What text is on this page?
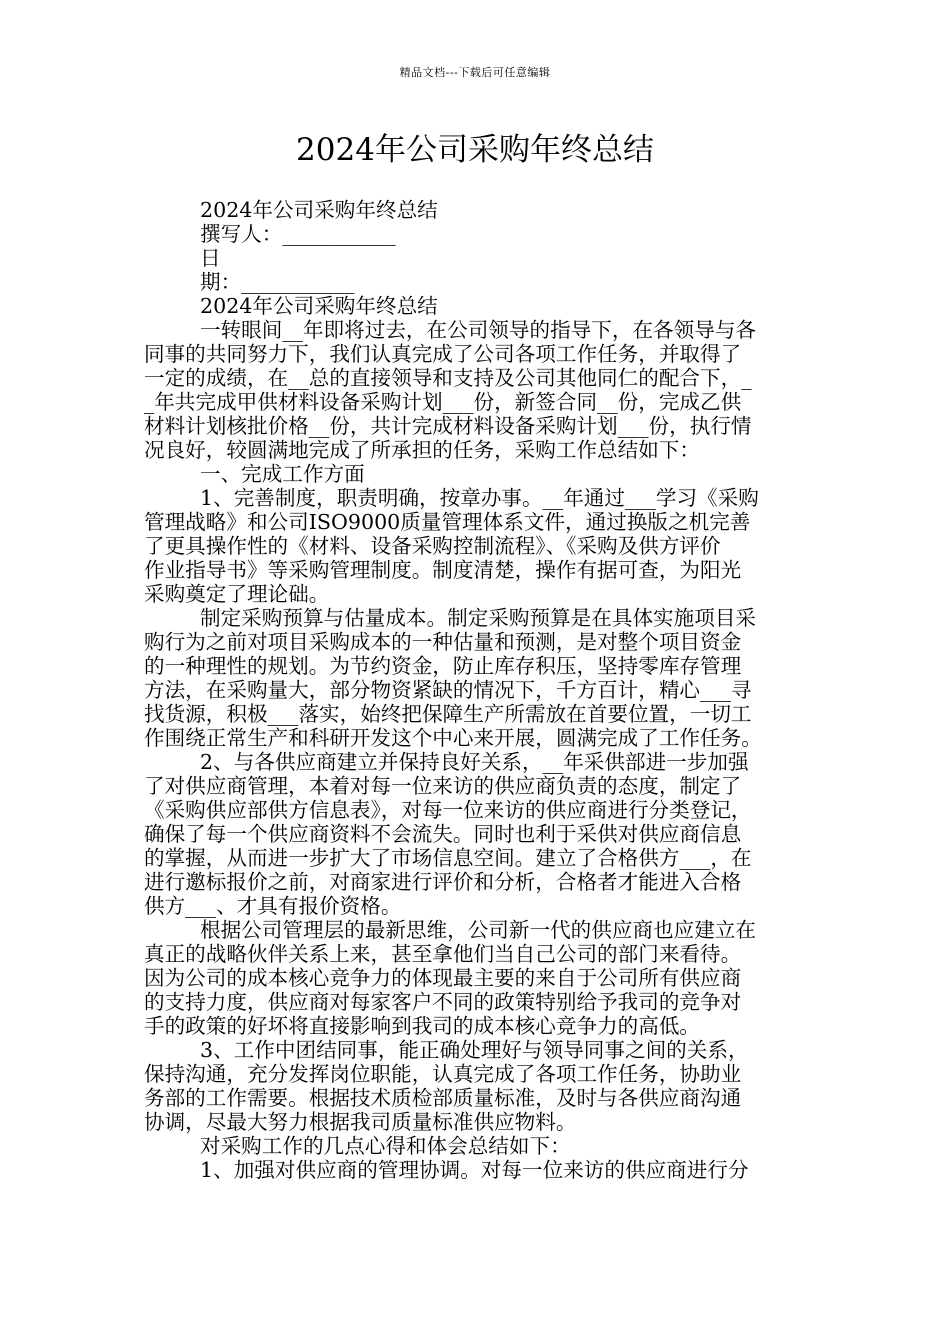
精品文档---下载后可任意编辑
2024年公司采购年终总结
2024年公司采购年终总结
撰写人：___________
日
期：___________
2024年公司采购年终总结
一转眼间__年即将过去，在公司领导的指导下，在各领导与各
同事的共同努力下，我们认真完成了公司各项工作任务，并取得了
一定的成绩，在__总的直接领导和支持及公司其他同仁的配合下，_
_年共完成甲供材料设备采购计划___份，新签合同__份，完成乙供
材料计划核批价格__份，共计完成材料设备采购计划___份，执行情
况良好，较圆满地完成了所承担的任务，采购工作总结如下：
一、完成工作方面
1、完善制度，职责明确，按章办事。__年通过___学习《采购
管理战略》和公司ISO9000质量管理体系文件，通过换版之机完善
了更具操作性的《材料、设备采购控制流程》、《采购及供方评价
作业指导书》等采购管理制度。制度清楚，操作有据可查，为阳光
采购奠定了理论础。
制定采购预算与估量成本。制定采购预算是在具体实施项目采
购行为之前对项目采购成本的一种估量和预测，是对整个项目资金
的一种理性的规划。为节约资金，防止库存积压，坚持零库存管理
方法，在采购量大，部分物资紧缺的情况下，千方百计，精心___寻
找货源，积极___落实，始终把保障生产所需放在首要位置，一切工
作围绕正常生产和科研开发这个中心来开展，圆满完成了工作任务。
2、与各供应商建立并保持良好关系，__年采供部进一步加强
了对供应商管理，本着对每一位来访的供应商负责的态度，制定了
《采购供应部供方信息表》，对每一位来访的供应商进行分类登记，
确保了每一个供应商资料不会流失。同时也利于采供对供应商信息
的掌握，从而进一步扩大了市场信息空间。建立了合格供方___，在
进行邀标报价之前，对商家进行评价和分析，合格者才能进入合格
供方___、才具有报价资格。
根据公司管理层的最新思维，公司新一代的供应商也应建立在
真正的战略伙伴关系上来，甚至拿他们当自己公司的部门来看待。
因为公司的成本核心竞争力的体现最主要的来自于公司所有供应商
的支持力度，供应商对每家客户不同的政策特别给予我司的竞争对
手的政策的好坏将直接影响到我司的成本核心竞争力的高低。
3、工作中团结同事，能正确处理好与领导同事之间的关系，
保持沟通，充分发挥岗位职能，认真完成了各项工作任务，协助业
务部的工作需要。根据技术质检部质量标准，及时与各供应商沟通
协调，尽最大努力根据我司质量标准供应物料。
对采购工作的几点心得和体会总结如下：
1、加强对供应商的管理协调。对每一位来访的供应商进行分
